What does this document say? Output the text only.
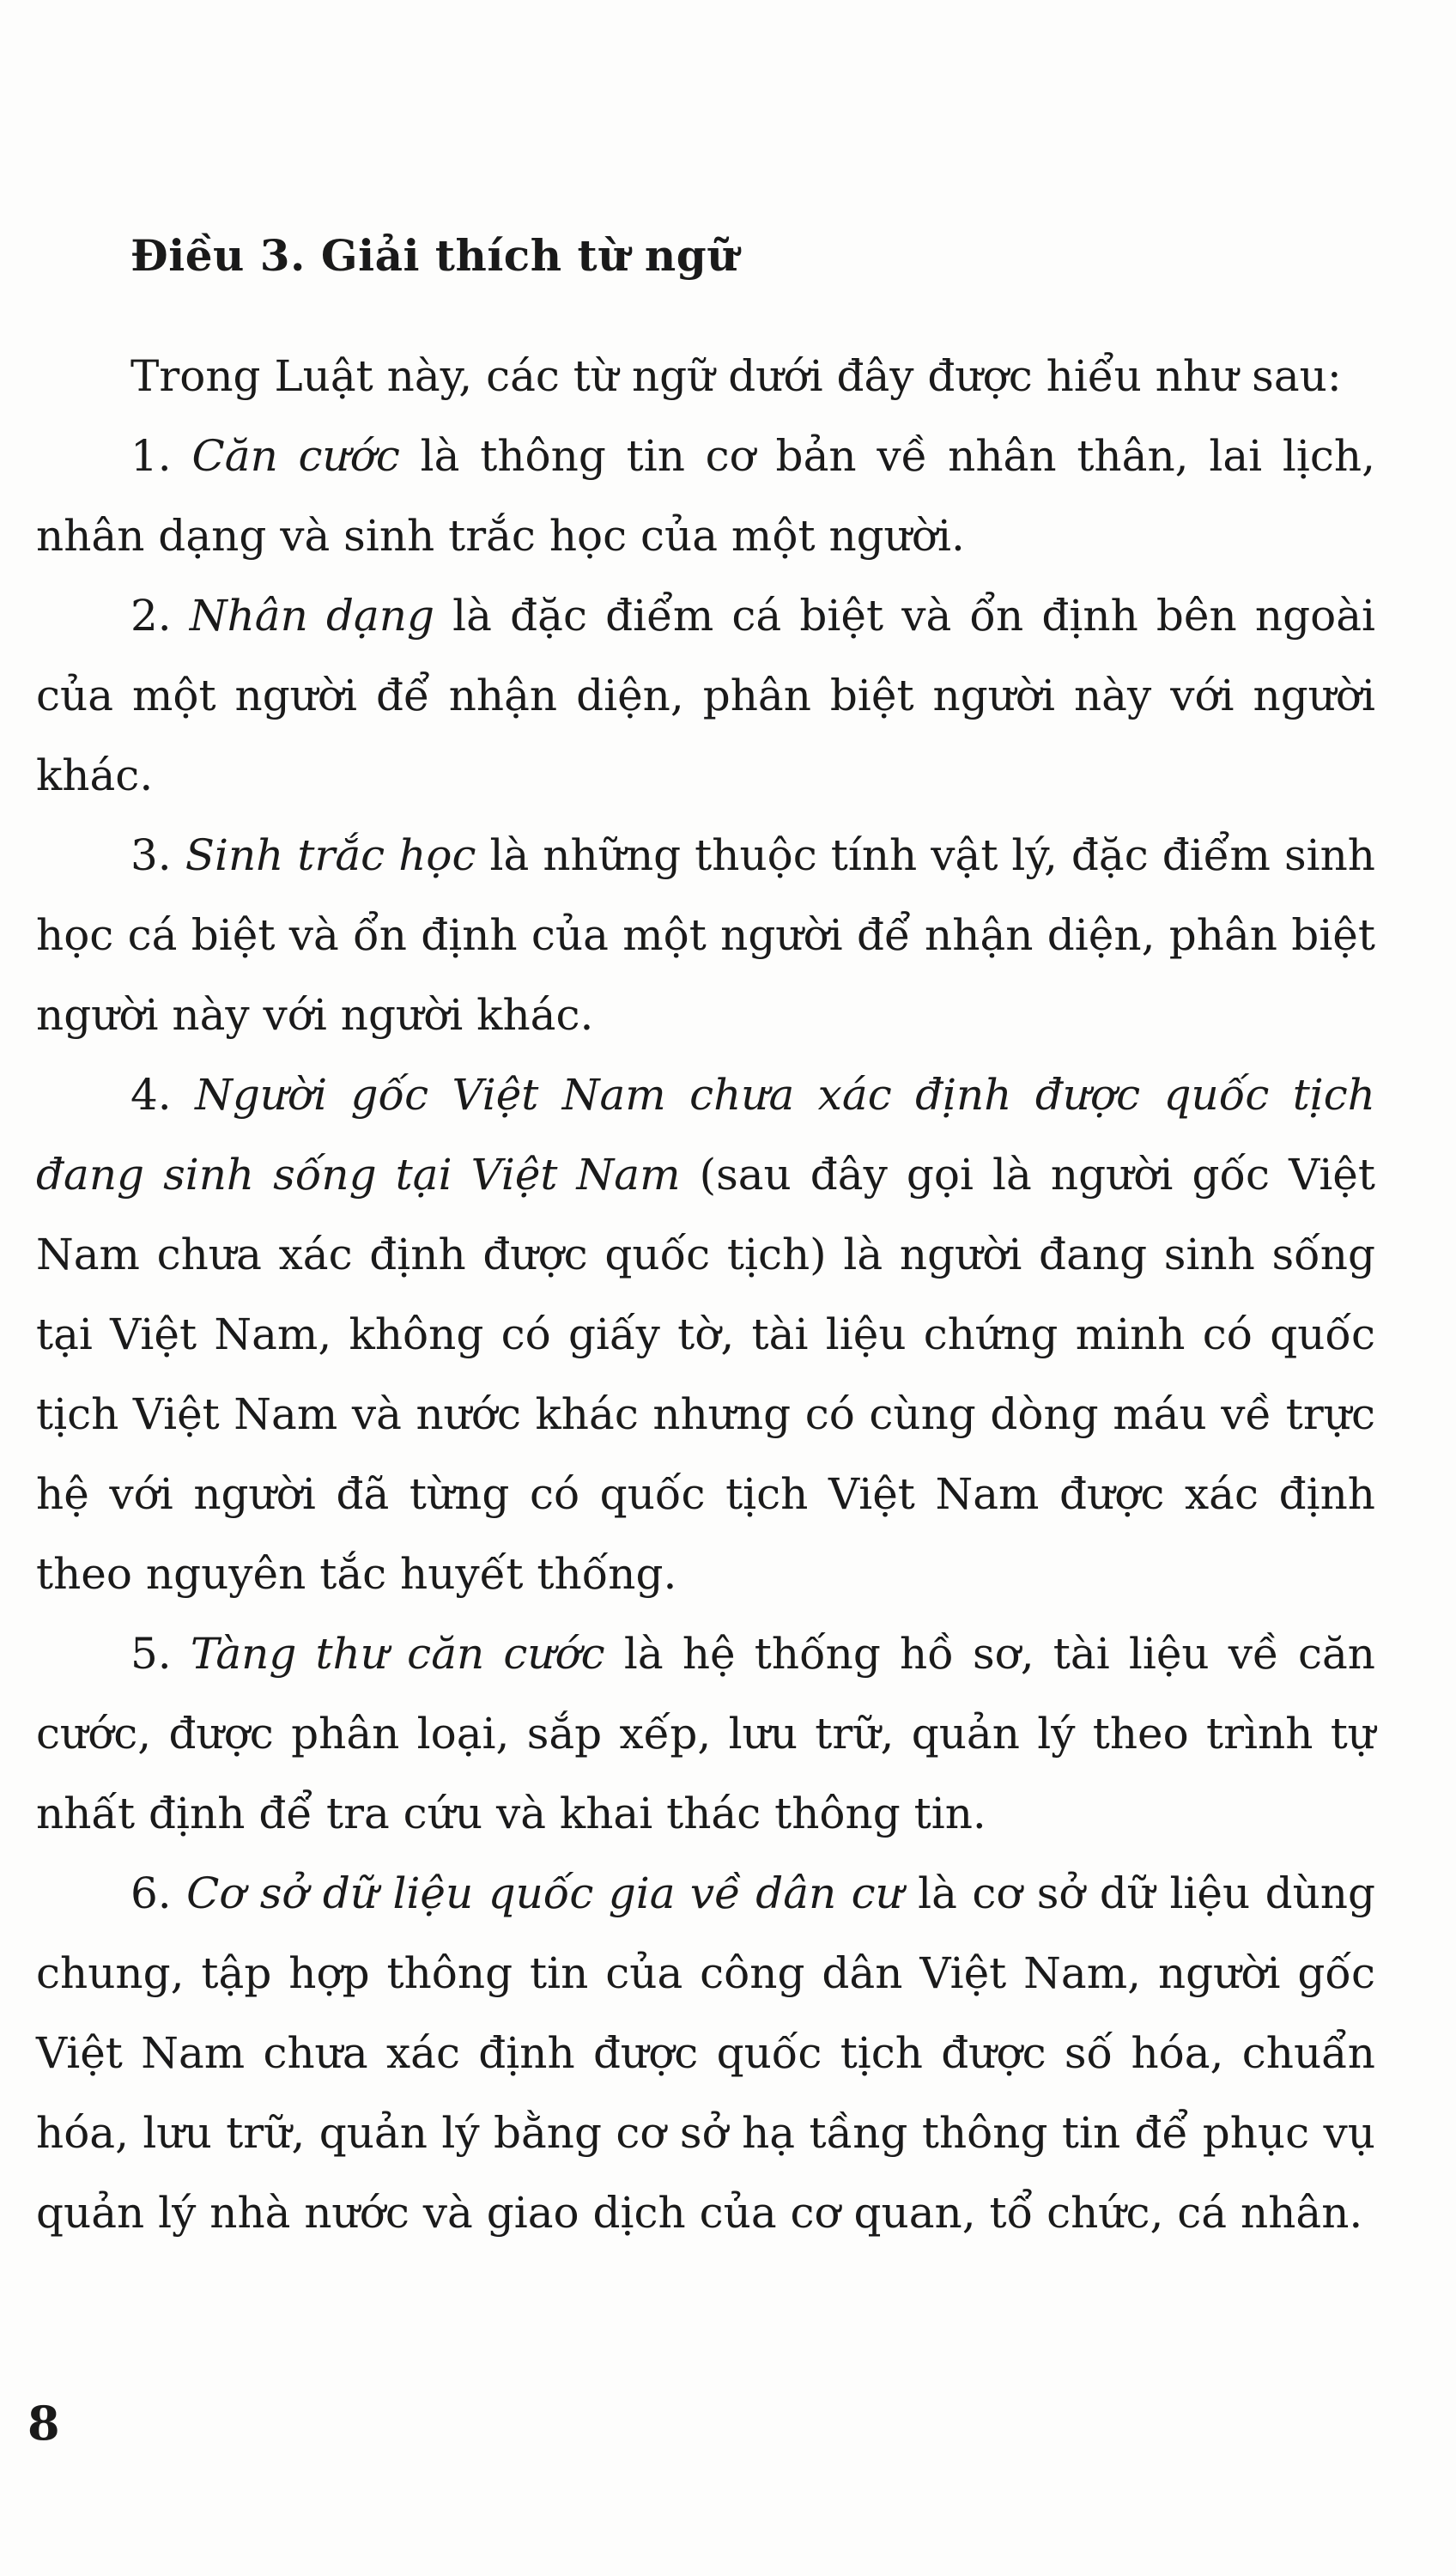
Điều 3. Giải thích từ ngữ

Trong Luật này, các từ ngữ dưới đây được hiểu như sau:

1. Căn cước là thông tin cơ bản về nhân thân, lai lịch, nhân dạng và sinh trắc học của một người.

2. Nhân dạng là đặc điểm cá biệt và ổn định bên ngoài của một người để nhận diện, phân biệt người này với người khác.

3. Sinh trắc học là những thuộc tính vật lý, đặc điểm sinh học cá biệt và ổn định của một người để nhận diện, phân biệt người này với người khác.

4. Người gốc Việt Nam chưa xác định được quốc tịch đang sinh sống tại Việt Nam (sau đây gọi là người gốc Việt Nam chưa xác định được quốc tịch) là người đang sinh sống tại Việt Nam, không có giấy tờ, tài liệu chứng minh có quốc tịch Việt Nam và nước khác nhưng có cùng dòng máu về trực hệ với người đã từng có quốc tịch Việt Nam được xác định theo nguyên tắc huyết thống.

5. Tàng thư căn cước là hệ thống hồ sơ, tài liệu về căn cước, được phân loại, sắp xếp, lưu trữ, quản lý theo trình tự nhất định để tra cứu và khai thác thông tin.

6. Cơ sở dữ liệu quốc gia về dân cư là cơ sở dữ liệu dùng chung, tập hợp thông tin của công dân Việt Nam, người gốc Việt Nam chưa xác định được quốc tịch được số hóa, chuẩn hóa, lưu trữ, quản lý bằng cơ sở hạ tầng thông tin để phục vụ quản lý nhà nước và giao dịch của cơ quan, tổ chức, cá nhân.

8
